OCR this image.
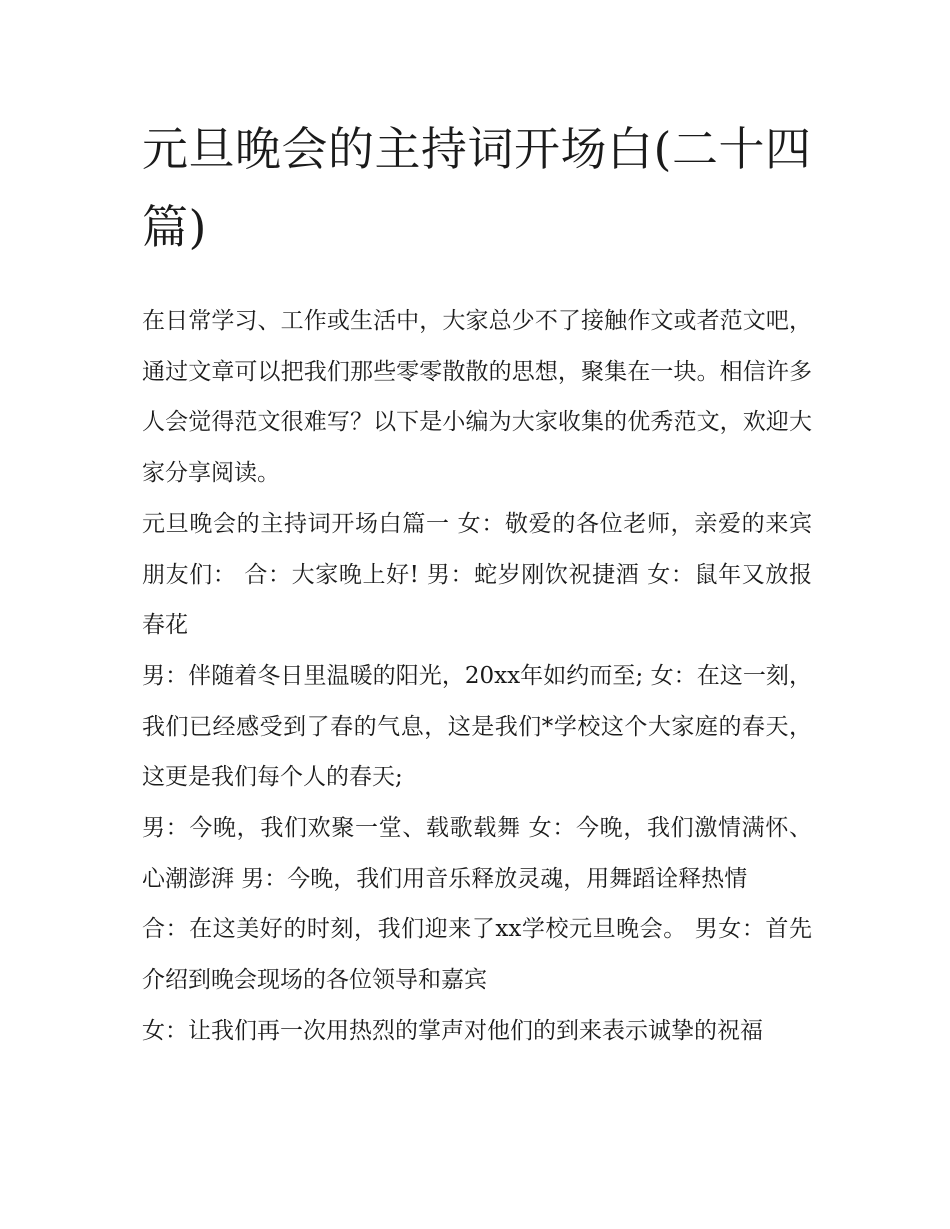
元旦晚会的主持词开场白(二十四篇)

在日常学习、工作或生活中，大家总少不了接触作文或者范文吧，通过文章可以把我们那些零零散散的思想，聚集在一块。相信许多人会觉得范文很难写？以下是小编为大家收集的优秀范文，欢迎大家分享阅读。

元旦晚会的主持词开场白篇一 女：敬爱的各位老师，亲爱的来宾朋友们： 合：大家晚上好! 男：蛇岁刚饮祝捷酒 女：鼠年又放报春花

男：伴随着冬日里温暖的阳光，20xx年如约而至; 女：在这一刻，我们已经感受到了春的气息，这是我们*学校这个大家庭的春天，这更是我们每个人的春天;

男：今晚，我们欢聚一堂、载歌载舞 女：今晚，我们激情满怀、心潮澎湃 男：今晚，我们用音乐释放灵魂，用舞蹈诠释热情

合：在这美好的时刻，我们迎来了xx学校元旦晚会。 男女：首先介绍到晚会现场的各位领导和嘉宾

女：让我们再一次用热烈的掌声对他们的到来表示诚挚的祝福
